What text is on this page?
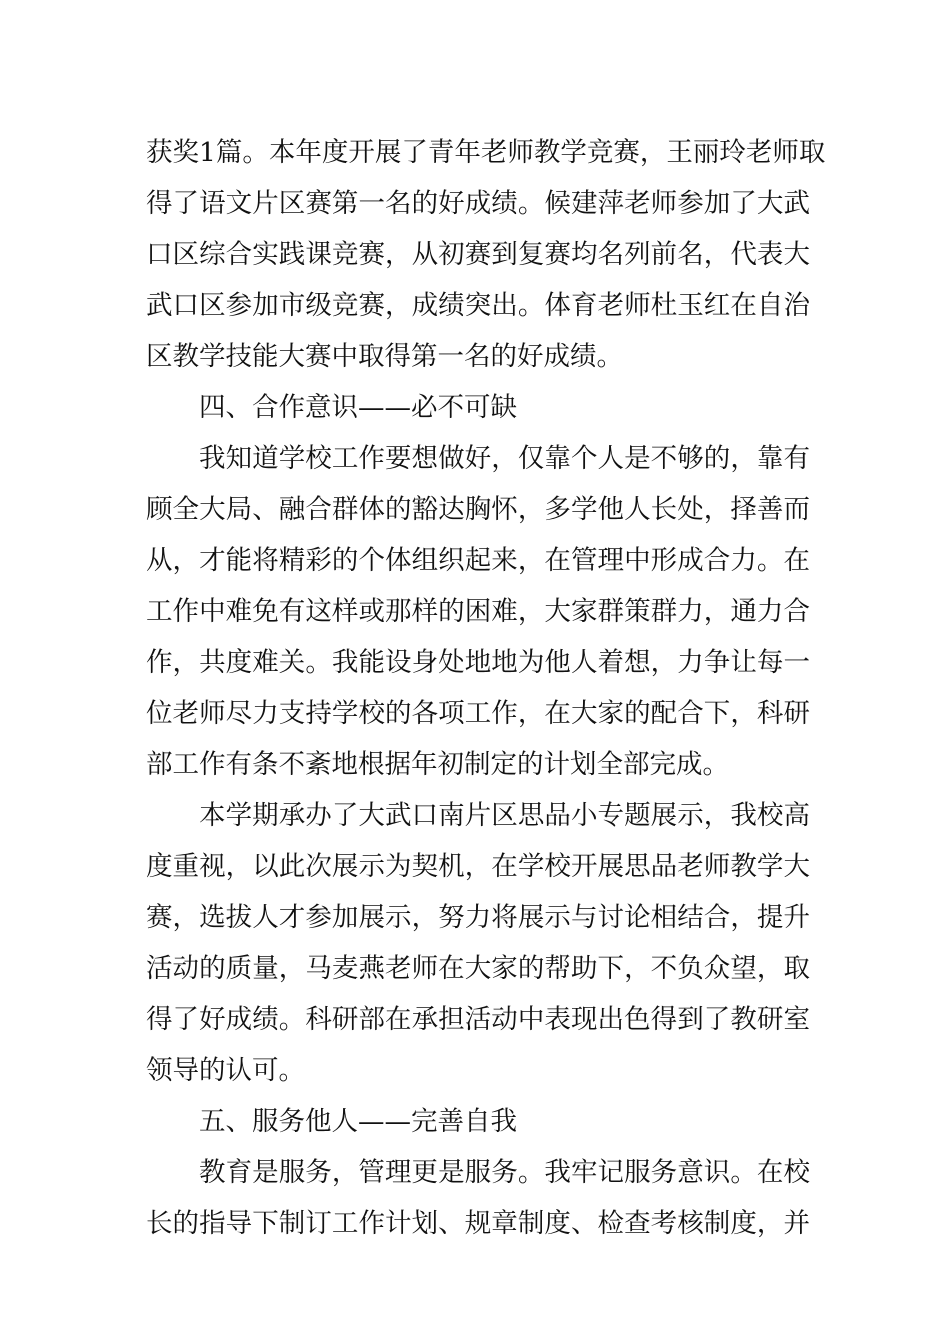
获奖1篇。本年度开展了青年老师教学竞赛，王丽玲老师取
得了语文片区赛第一名的好成绩。候建萍老师参加了大武
口区综合实践课竞赛，从初赛到复赛均名列前名，代表大
武口区参加市级竞赛，成绩突出。体育老师杜玉红在自治
区教学技能大赛中取得第一名的好成绩。
四、合作意识——必不可缺
我知道学校工作要想做好，仅靠个人是不够的，靠有
顾全大局、融合群体的豁达胸怀，多学他人长处，择善而
从，才能将精彩的个体组织起来，在管理中形成合力。在
工作中难免有这样或那样的困难，大家群策群力，通力合
作，共度难关。我能设身处地地为他人着想，力争让每一
位老师尽力支持学校的各项工作，在大家的配合下，科研
部工作有条不紊地根据年初制定的计划全部完成。
本学期承办了大武口南片区思品小专题展示，我校高
度重视，以此次展示为契机，在学校开展思品老师教学大
赛，选拔人才参加展示，努力将展示与讨论相结合，提升
活动的质量，马麦燕老师在大家的帮助下，不负众望，取
得了好成绩。科研部在承担活动中表现出色得到了教研室
领导的认可。
五、服务他人——完善自我
教育是服务，管理更是服务。我牢记服务意识。在校
长的指导下制订工作计划、规章制度、检查考核制度，并
